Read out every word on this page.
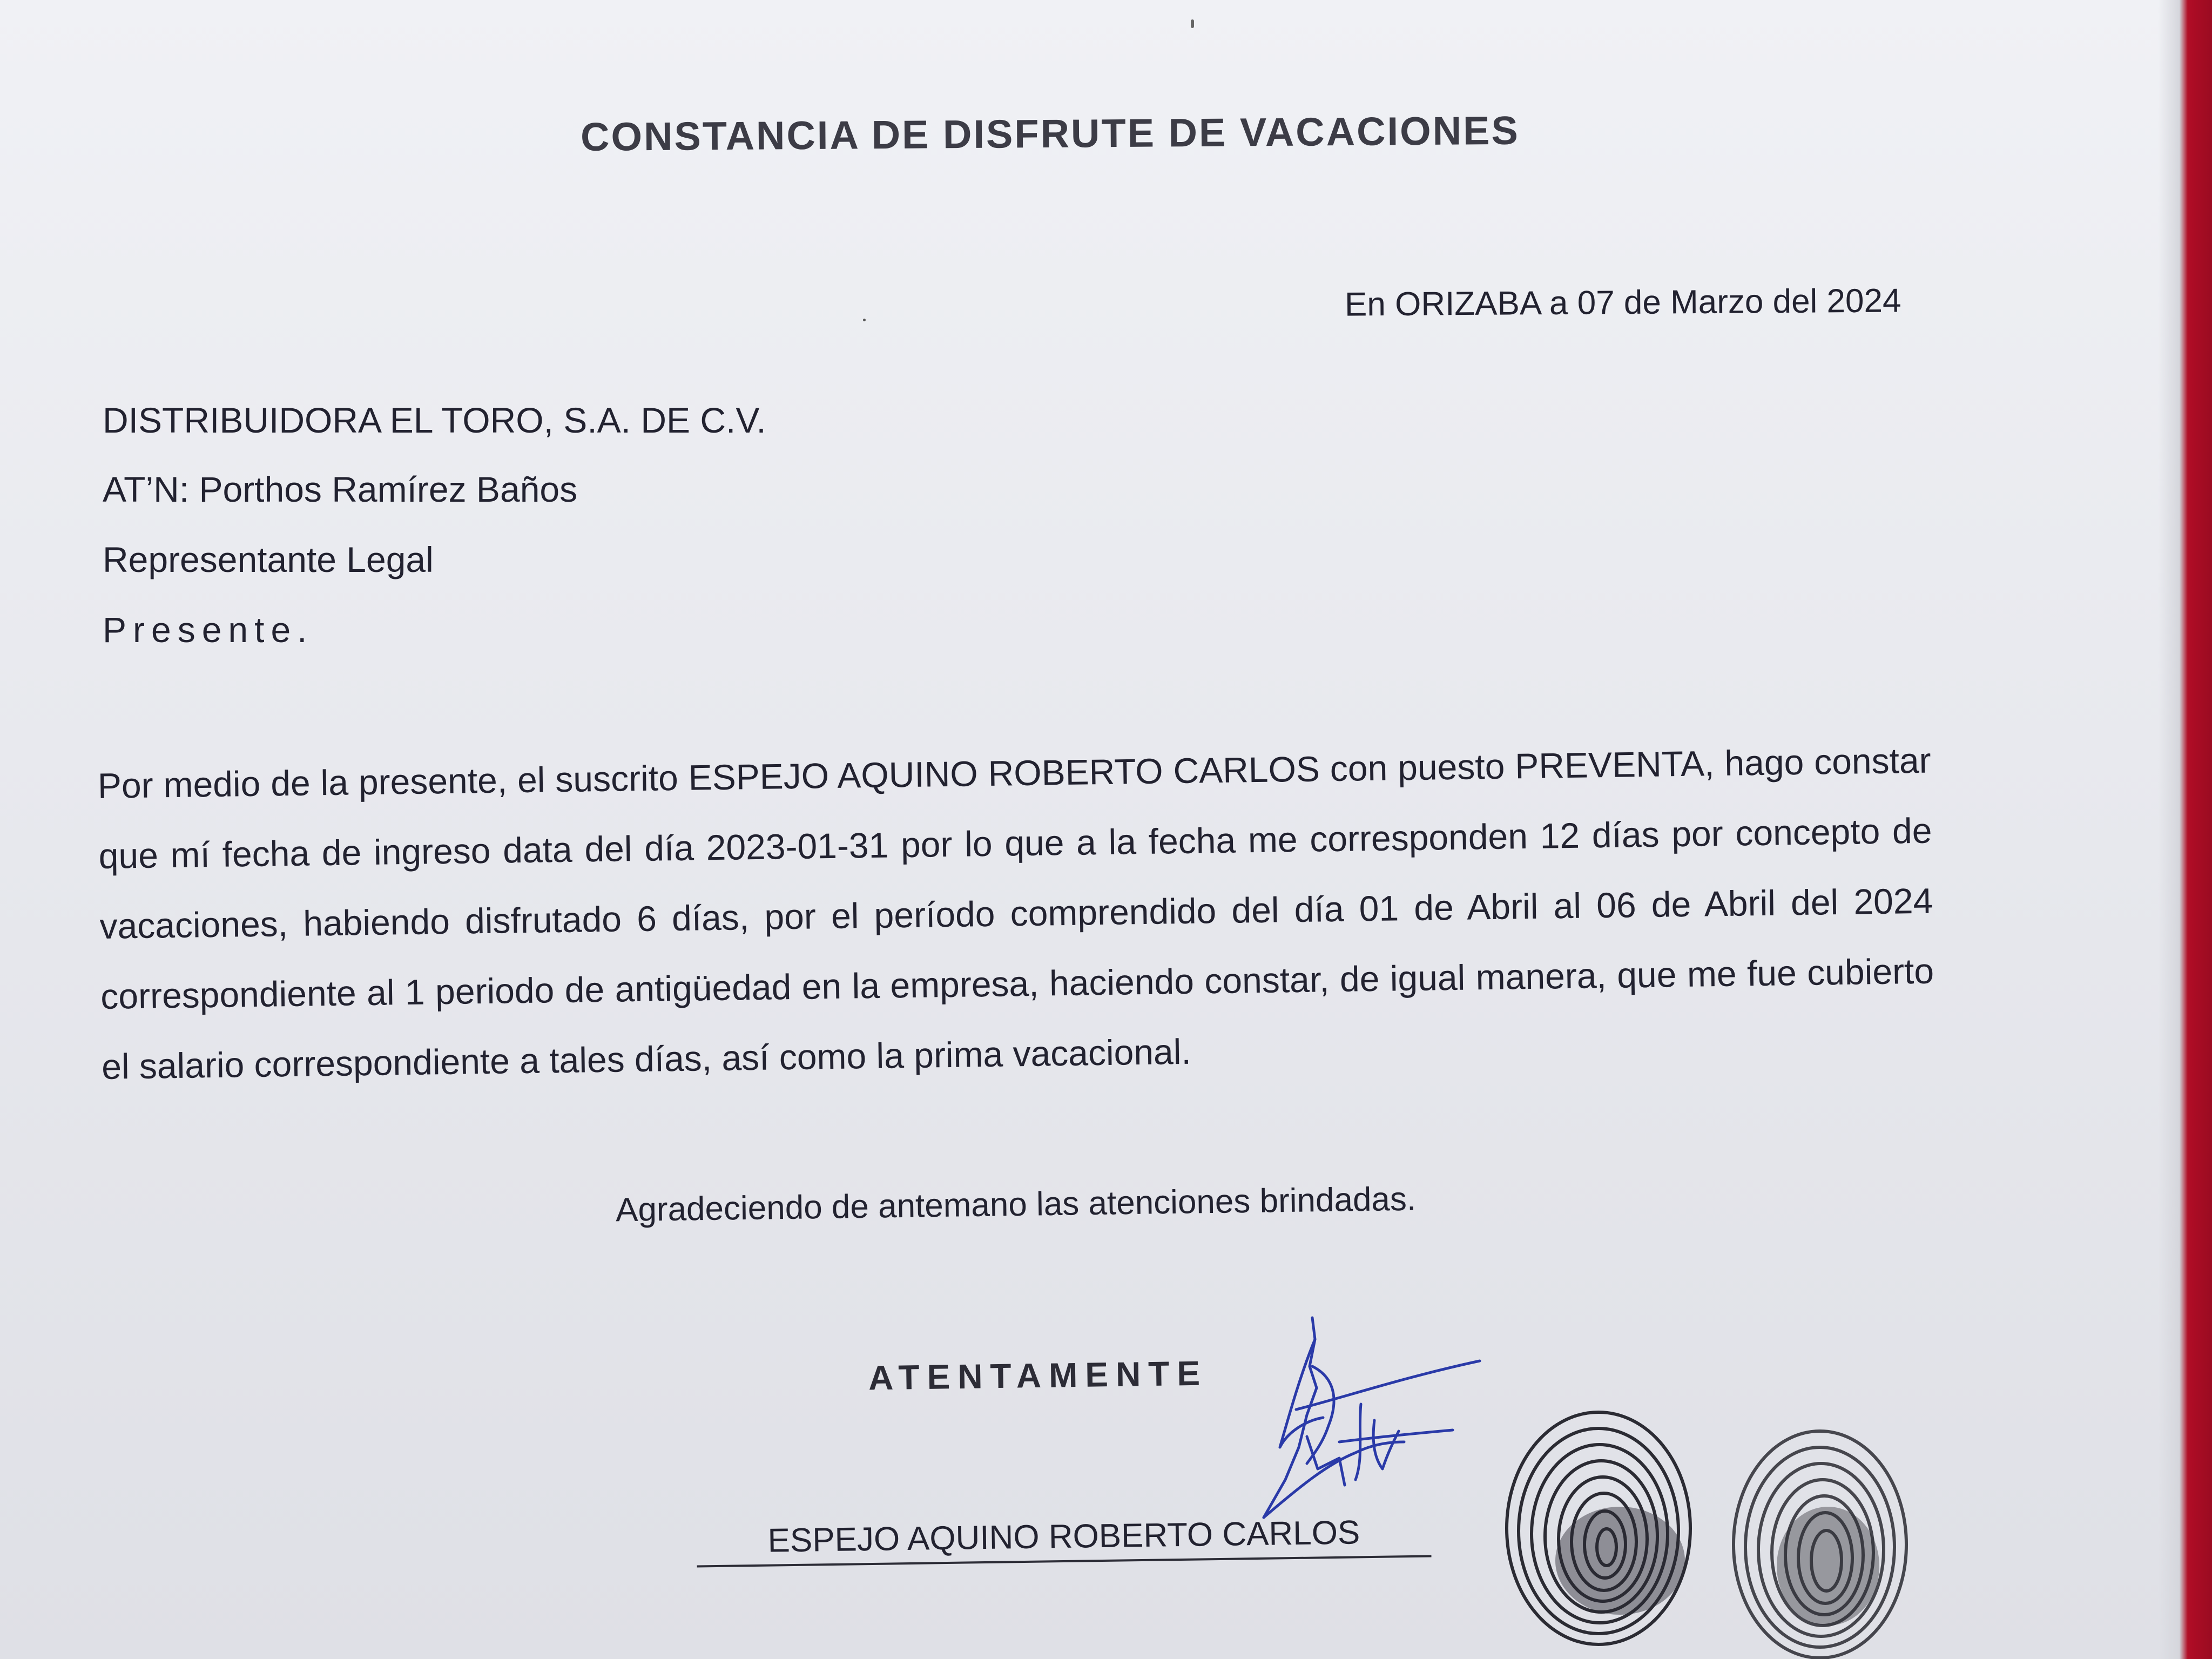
CONSTANCIA DE DISFRUTE DE VACACIONES
En ORIZABA a 07 de Marzo del 2024
DISTRIBUIDORA EL TORO, S.A. DE C.V.
AT’N: Porthos Ramírez Baños
Representante Legal
Presente.
Por medio de la presente, el suscrito ESPEJO AQUINO ROBERTO CARLOS con puesto PREVENTA, hago constar que mí fecha de ingreso data del día 2023-01-31 por lo que a la fecha me corresponden 12 días por concepto de vacaciones, habiendo disfrutado 6 días, por el período comprendido del día 01 de Abril al 06 de Abril del 2024 correspondiente al 1 periodo de antigüedad en la empresa, haciendo constar, de igual manera, que me fue cubierto el salario correspondiente a tales días, así como la prima vacacional.
Agradeciendo de antemano las atenciones brindadas.
ATENTAMENTE
ESPEJO AQUINO ROBERTO CARLOS
